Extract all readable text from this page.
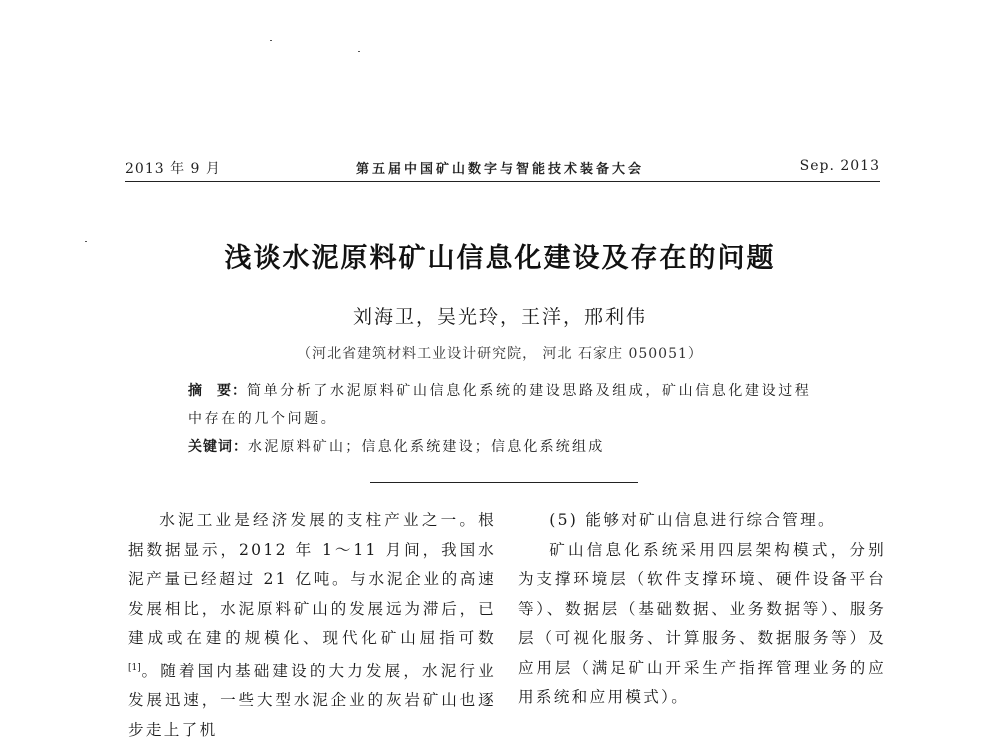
2013 年 9 月	第五届中国矿山数字与智能技术装备大会	Sep. 2013
浅谈水泥原料矿山信息化建设及存在的问题
刘海卫，吴光玲，王洋，邢利伟
（河北省建筑材料工业设计研究院， 河北 石家庄 050051）
摘 要：简单分析了水泥原料矿山信息化系统的建设思路及组成，矿山信息化建设过程中存在的几个问题。
关键词：水泥原料矿山；信息化系统建设；信息化系统组成

水泥工业是经济发展的支柱产业之一。根据数据显示，2012 年 1～11 月间，我国水泥产量已经超过 21 亿吨。与水泥企业的高速发展相比，水泥原料矿山的发展远为滞后，已建成或在建的规模化、现代化矿山屈指可数[1]。随着国内基础建设的大力发展，水泥行业发展迅速，一些大型水泥企业的灰岩矿山也逐步走上了机

(5) 能够对矿山信息进行综合管理。

矿山信息化系统采用四层架构模式，分别为支撑环境层（软件支撑环境、硬件设备平台等）、数据层（基础数据、业务数据等）、服务层（可视化服务、计算服务、数据服务等）及应用层（满足矿山开采生产指挥管理业务的应用系统和应用模式）。
